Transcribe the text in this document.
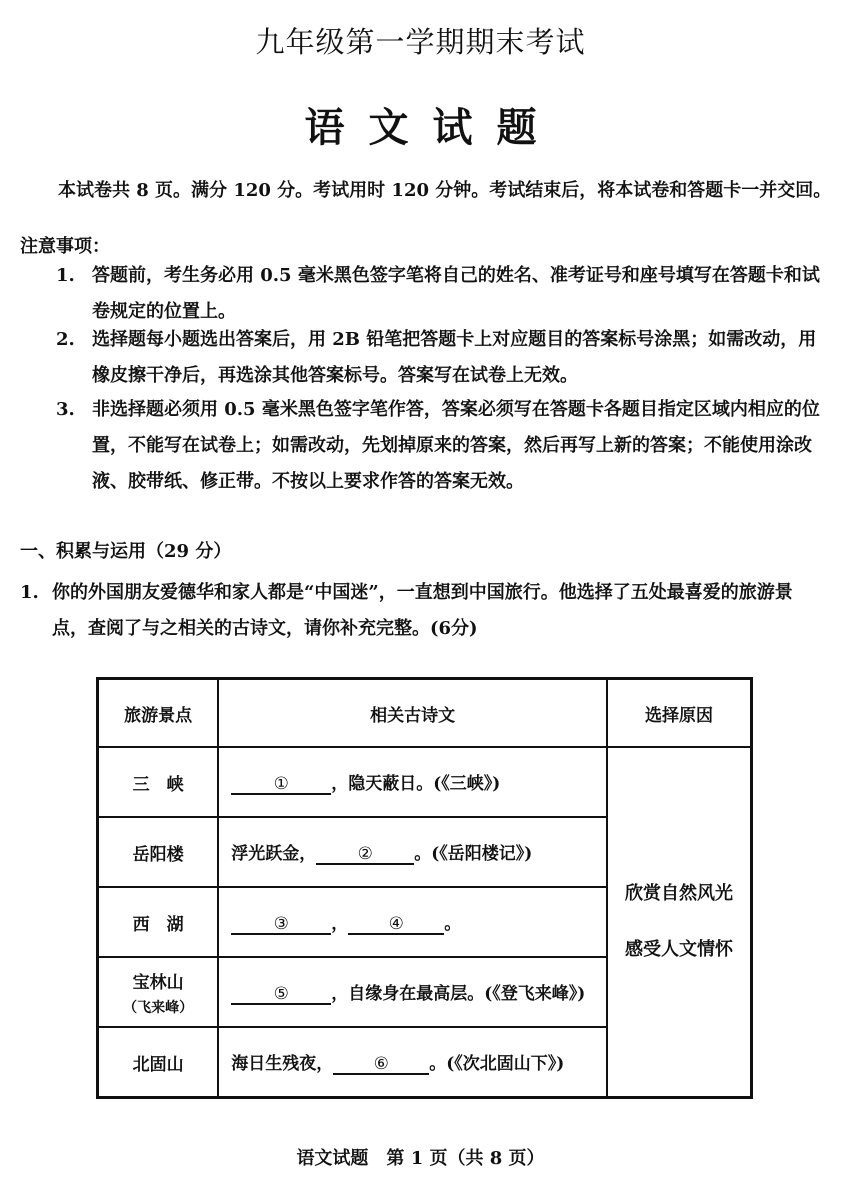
九年级第一学期期末考试
语文试题
本试卷共 8 页。满分 120 分。考试用时 120 分钟。考试结束后，将本试卷和答题卡一并交回。
注意事项：
1. 答题前，考生务必用 0.5 毫米黑色签字笔将自己的姓名、准考证号和座号填写在答题卡和试卷规定的位置上。
2. 选择题每小题选出答案后，用 2B 铅笔把答题卡上对应题目的答案标号涂黑；如需改动，用橡皮擦干净后，再选涂其他答案标号。答案写在试卷上无效。
3. 非选择题必须用 0.5 毫米黑色签字笔作答，答案必须写在答题卡各题目指定区域内相应的位置，不能写在试卷上；如需改动，先划掉原来的答案，然后再写上新的答案；不能使用涂改液、胶带纸、修正带。不按以上要求作答的答案无效。
一、积累与运用（29 分）
1. 你的外国朋友爱德华和家人都是“中国迷”，一直想到中国旅行。他选择了五处最喜爱的旅游景点，查阅了与之相关的古诗文，请你补充完整。(6分)
旅游景点	相关古诗文	选择原因
三　峡	① ，隐天蔽日。(《三峡》)	欣赏自然风光
感受人文情怀

岳阳楼	浮光跃金， ② 。(《岳阳楼记》)	
西　湖	③ ， ④ 。	
宝林山
（飞来峰）	⑤ ，自缘身在最高层。(《登飞来峰》)	
北固山	海日生残夜， ⑥ 。(《次北固山下》)	
语文试题　第 1 页（共 8 页）
